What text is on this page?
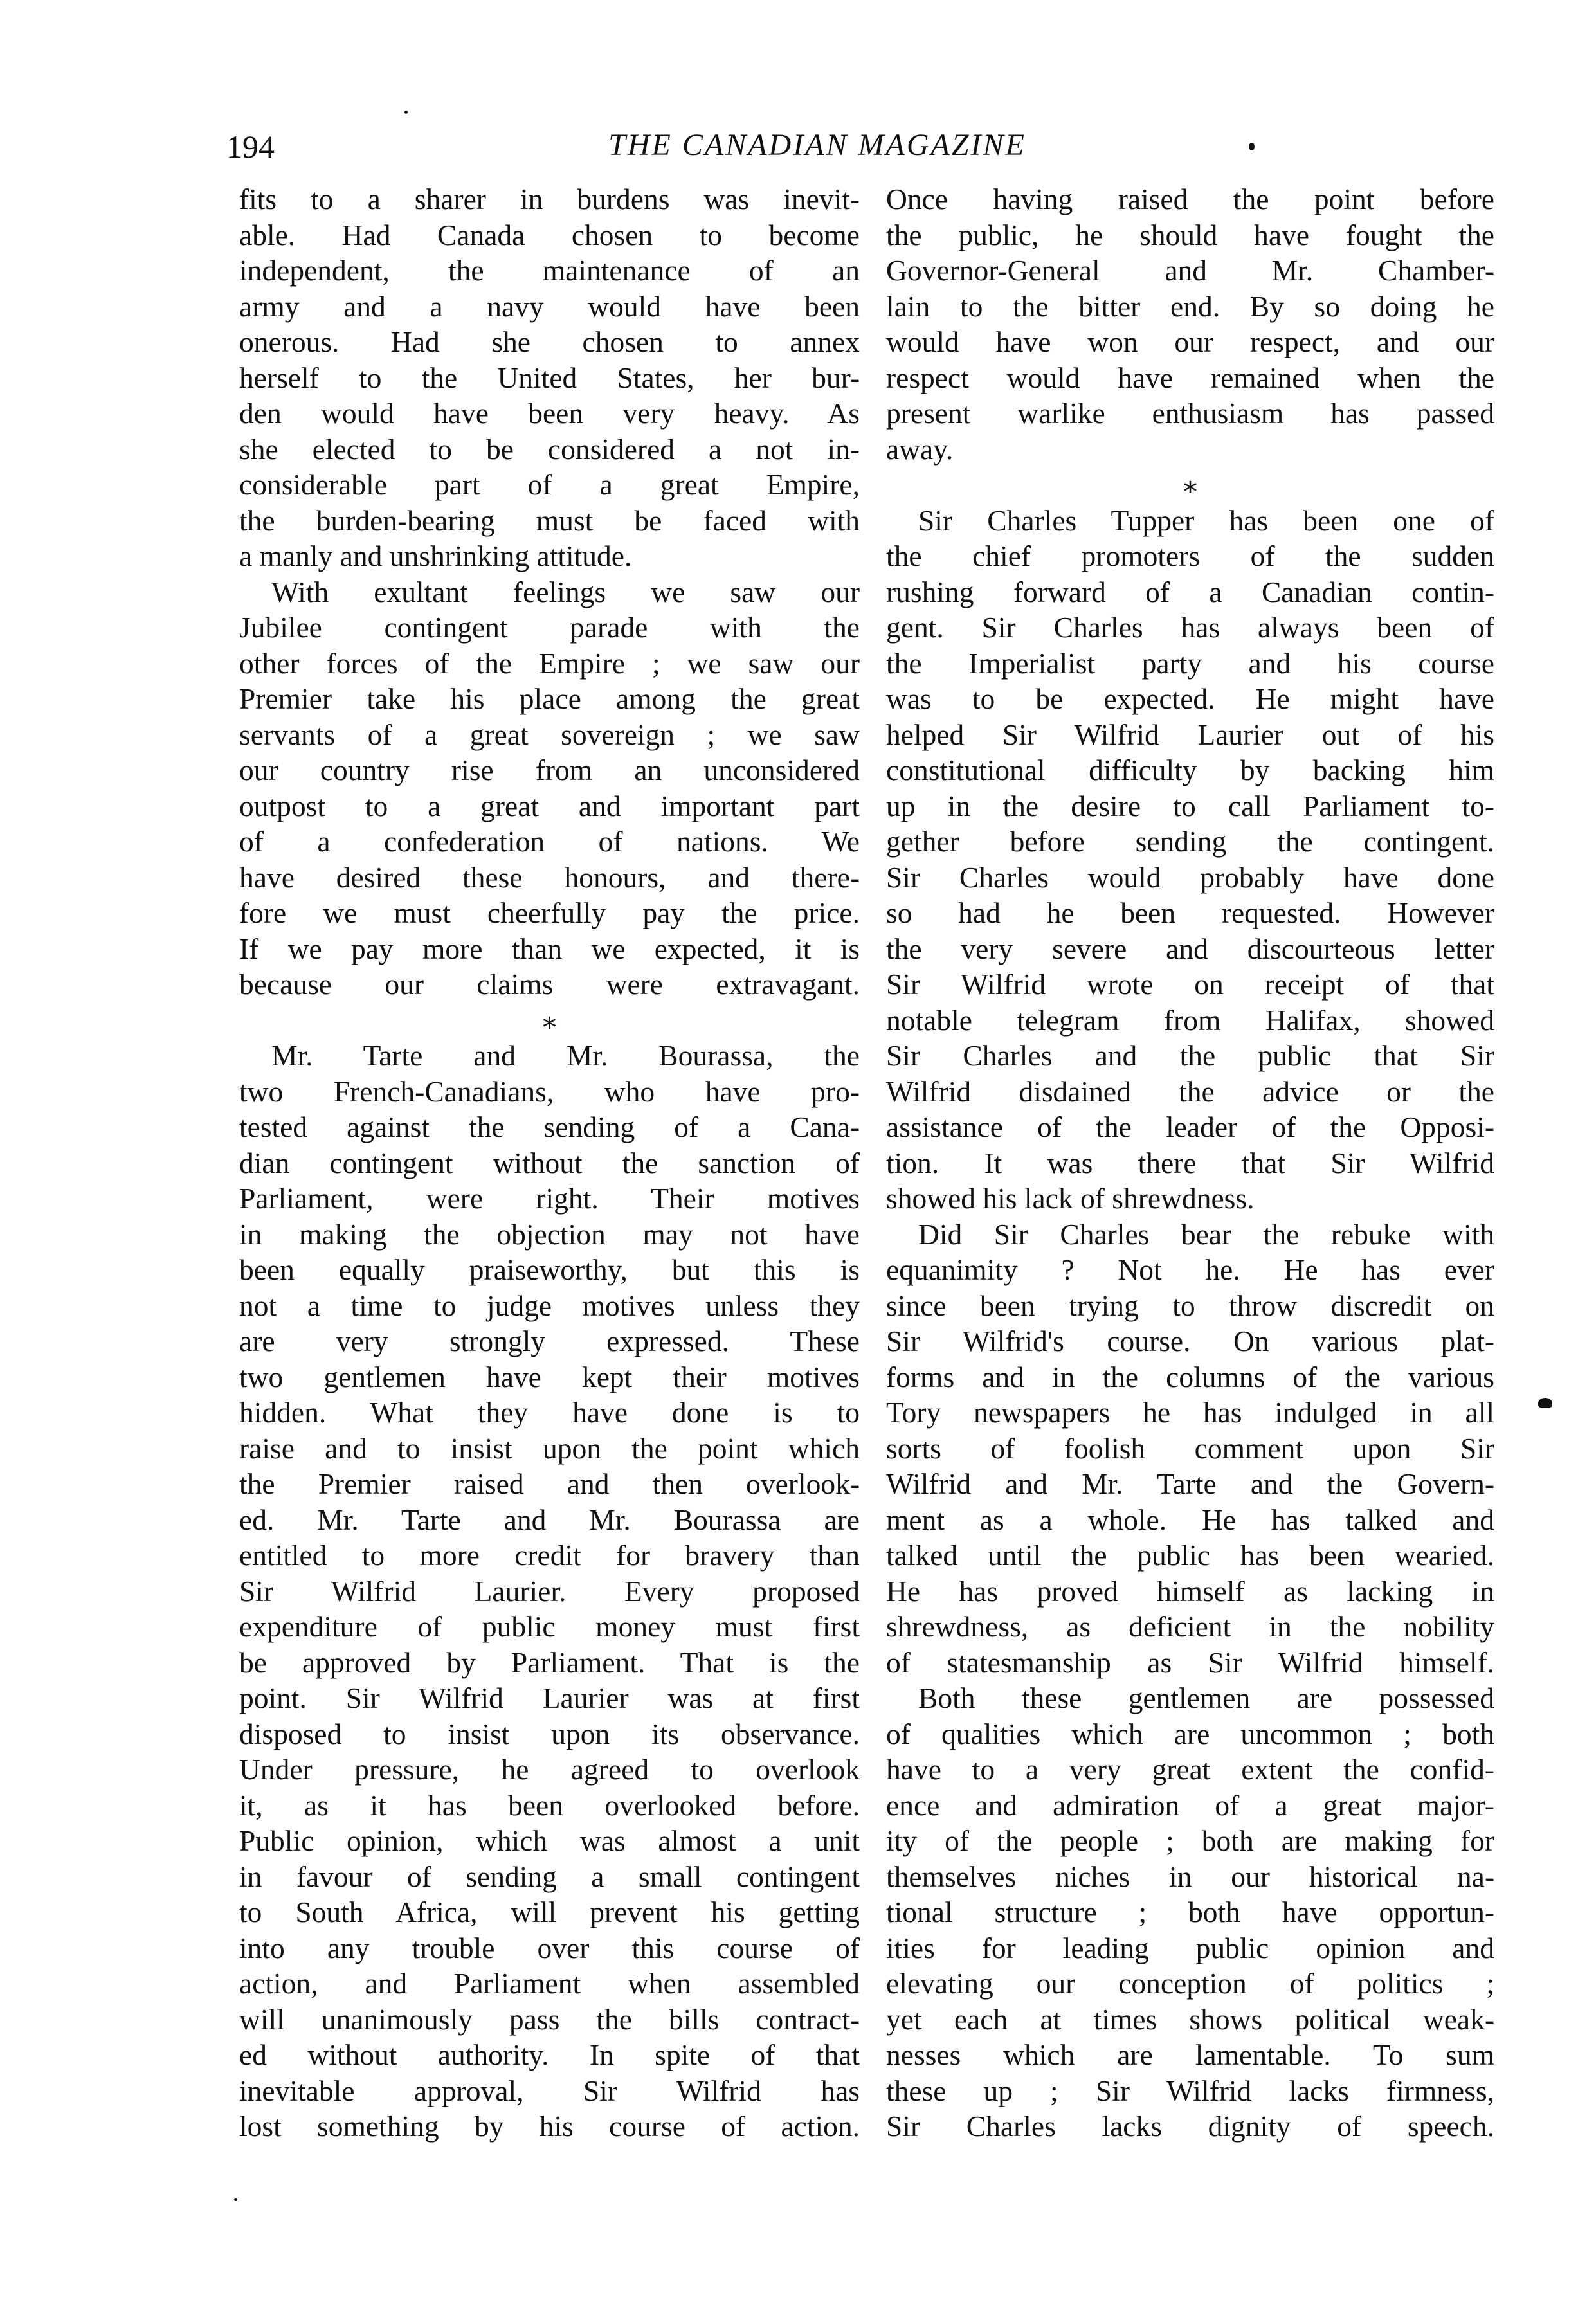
194	THE CANADIAN MAGAZINE
fits to a sharer in burdens was inevit-
able. Had Canada chosen to become
independent, the maintenance of an
army and a navy would have been
onerous. Had she chosen to annex
herself to the United States, her bur-
den would have been very heavy. As
she elected to be considered a not in-
considerable part of a great Empire,
the burden-bearing must be faced with
a manly and unshrinking attitude.
With exultant feelings we saw our
Jubilee contingent parade with the
other forces of the Empire ; we saw our
Premier take his place among the great
servants of a great sovereign ; we saw
our country rise from an unconsidered
outpost to a great and important part
of a confederation of nations. We
have desired these honours, and there-
fore we must cheerfully pay the price.
If we pay more than we expected, it is
because our claims were extravagant.
⁎
Mr. Tarte and Mr. Bourassa, the
two French-Canadians, who have pro-
tested against the sending of a Cana-
dian contingent without the sanction of
Parliament, were right. Their motives
in making the objection may not have
been equally praiseworthy, but this is
not a time to judge motives unless they
are very strongly expressed. These
two gentlemen have kept their motives
hidden. What they have done is to
raise and to insist upon the point which
the Premier raised and then overlook-
ed. Mr. Tarte and Mr. Bourassa are
entitled to more credit for bravery than
Sir Wilfrid Laurier. Every proposed
expenditure of public money must first
be approved by Parliament. That is the
point. Sir Wilfrid Laurier was at first
disposed to insist upon its observance.
Under pressure, he agreed to overlook
it, as it has been overlooked before.
Public opinion, which was almost a unit
in favour of sending a small contingent
to South Africa, will prevent his getting
into any trouble over this course of
action, and Parliament when assembled
will unanimously pass the bills contract-
ed without authority. In spite of that
inevitable approval, Sir Wilfrid has
lost something by his course of action.
Once having raised the point before
the public, he should have fought the
Governor-General and Mr. Chamber-
lain to the bitter end. By so doing he
would have won our respect, and our
respect would have remained when the
present warlike enthusiasm has passed
away.
⁎
Sir Charles Tupper has been one of
the chief promoters of the sudden
rushing forward of a Canadian contin-
gent. Sir Charles has always been of
the Imperialist party and his course
was to be expected. He might have
helped Sir Wilfrid Laurier out of his
constitutional difficulty by backing him
up in the desire to call Parliament to-
gether before sending the contingent.
Sir Charles would probably have done
so had he been requested. However
the very severe and discourteous letter
Sir Wilfrid wrote on receipt of that
notable telegram from Halifax, showed
Sir Charles and the public that Sir
Wilfrid disdained the advice or the
assistance of the leader of the Opposi-
tion. It was there that Sir Wilfrid
showed his lack of shrewdness.
Did Sir Charles bear the rebuke with
equanimity ? Not he. He has ever
since been trying to throw discredit on
Sir Wilfrid's course. On various plat-
forms and in the columns of the various
Tory newspapers he has indulged in all
sorts of foolish comment upon Sir
Wilfrid and Mr. Tarte and the Govern-
ment as a whole. He has talked and
talked until the public has been wearied.
He has proved himself as lacking in
shrewdness, as deficient in the nobility
of statesmanship as Sir Wilfrid himself.
Both these gentlemen are possessed
of qualities which are uncommon ; both
have to a very great extent the confid-
ence and admiration of a great major-
ity of the people ; both are making for
themselves niches in our historical na-
tional structure ; both have opportun-
ities for leading public opinion and
elevating our conception of politics ;
yet each at times shows political weak-
nesses which are lamentable. To sum
these up ; Sir Wilfrid lacks firmness,
Sir Charles lacks dignity of speech.
